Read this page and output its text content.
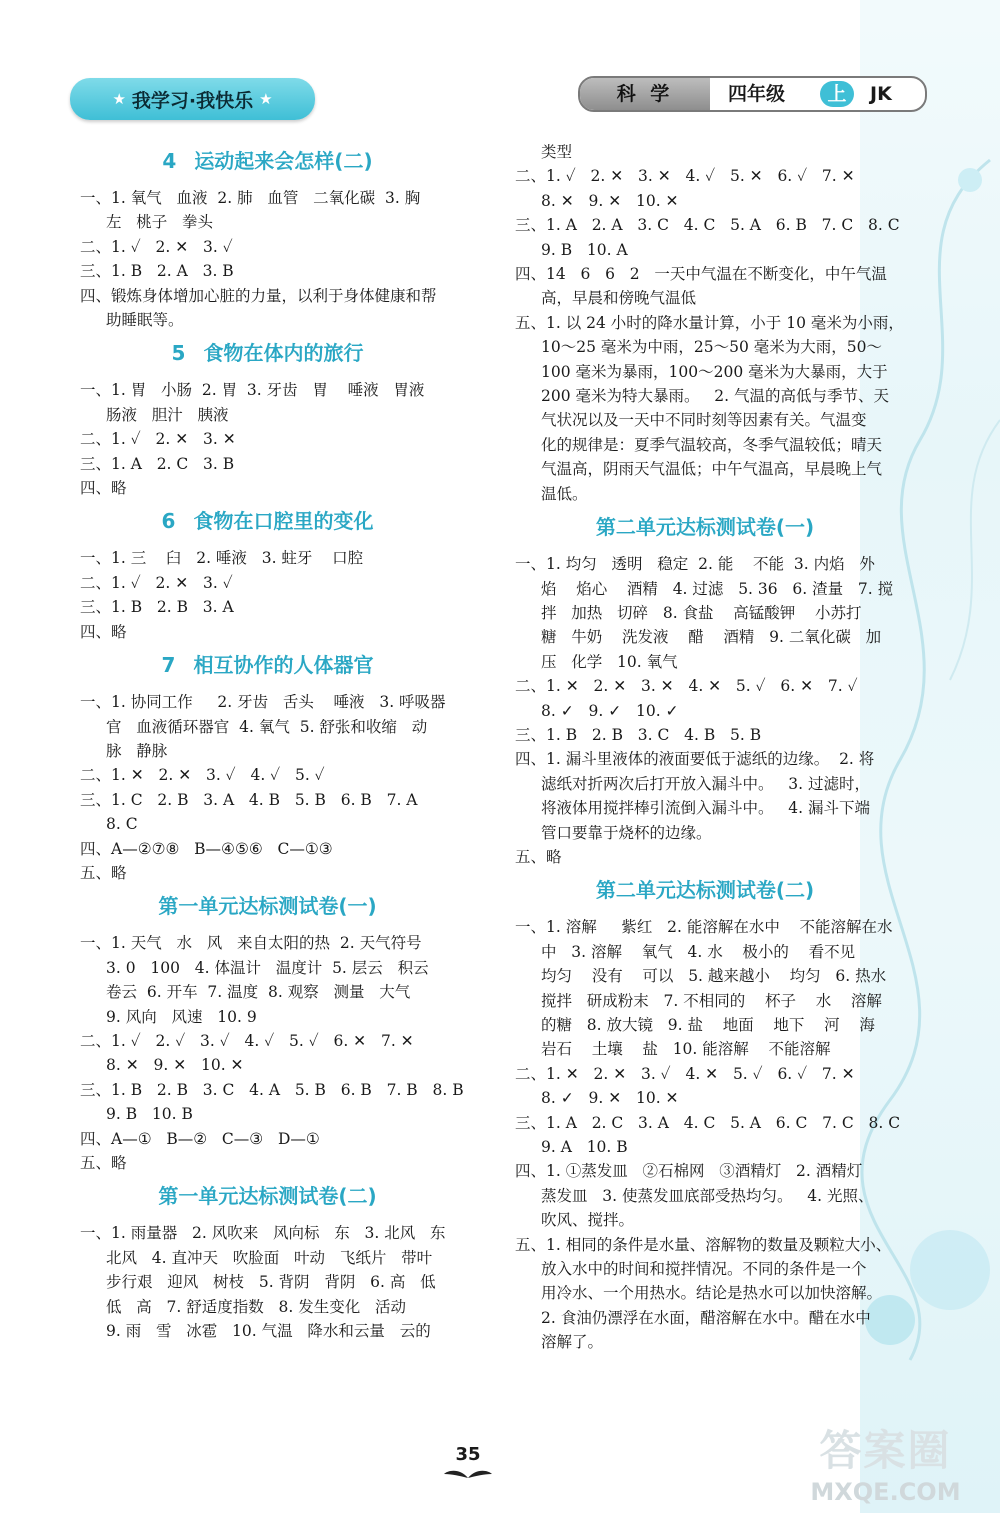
★ 我学习·我快乐 ★	科 学	四年级	上	JK
4 运动起来会怎样(二)
一、1. 氧气   血液  2. 肺   血管   二氧化碳  3. 胸
左   桃子   拳头
二、1. ✓   2. ✕   3. ✓
三、1. B   2. A   3. B
四、锻炼身体增加心脏的力量，以利于身体健康和帮
助睡眠等。
5 食物在体内的旅行
一、1. 胃   小肠  2. 胃  3. 牙齿   胃    唾液   胃液
肠液   胆汁   胰液
二、1. ✓   2. ✕   3. ✕
三、1. A   2. C   3. B
四、略
6 食物在口腔里的变化
一、1. 三    臼   2. 唾液   3. 蛀牙    口腔
二、1. ✓   2. ✕   3. ✓
三、1. B   2. B   3. A
四、略
7 相互协作的人体器官
一、1. 协同工作     2. 牙齿   舌头    唾液   3. 呼吸器
官   血液循环器官  4. 氧气  5. 舒张和收缩   动
脉   静脉
二、1. ✕   2. ✕   3. ✓   4. ✓   5. ✓
三、1. C   2. B   3. A   4. B   5. B   6. B   7. A
8. C
四、A—②⑦⑧   B—④⑤⑥   C—①③
五、略
第一单元达标测试卷(一)
一、1. 天气   水   风   来自太阳的热  2. 天气符号
3. 0   100   4. 体温计   温度计  5. 层云   积云
卷云  6. 开车  7. 温度  8. 观察   测量   大气
9. 风向   风速   10. 9
二、1. ✓   2. ✓   3. ✓   4. ✓   5. ✓   6. ✕   7. ✕
8. ✕   9. ✕   10. ✕
三、1. B   2. B   3. C   4. A   5. B   6. B   7. B   8. B
9. B   10. B
四、A—①   B—②   C—③   D—①
五、略
第一单元达标测试卷(二)
一、1. 雨量器   2. 风吹来   风向标   东   3. 北风   东
北风   4. 直冲天   吹脸面   叶动   飞纸片   带叶
步行艰   迎风   树枝   5. 背阴   背阴   6. 高   低
低   高   7. 舒适度指数   8. 发生变化   活动
9. 雨   雪   冰雹   10. 气温   降水和云量   云的
类型
二、1. ✓   2. ✕   3. ✕   4. ✓   5. ✕   6. ✓   7. ✕
8. ✕   9. ✕   10. ✕
三、1. A   2. A   3. C   4. C   5. A   6. B   7. C   8. C
9. B   10. A
四、14   6   6   2   一天中气温在不断变化，中午气温
高，早晨和傍晚气温低
五、1. 以 24 小时的降水量计算，小于 10 毫米为小雨，
10～25 毫米为中雨，25～50 毫米为大雨，50～
100 毫米为暴雨，100～200 毫米为大暴雨，大于
200 毫米为特大暴雨。   2. 气温的高低与季节、天
气状况以及一天中不同时刻等因素有关。气温变
化的规律是：夏季气温较高，冬季气温较低；晴天
气温高，阴雨天气温低；中午气温高，早晨晚上气
温低。
第二单元达标测试卷(一)
一、1. 均匀   透明   稳定  2. 能    不能  3. 内焰   外
焰    焰心    酒精   4. 过滤   5. 36   6. 渣量   7. 搅
拌   加热   切碎   8. 食盐    高锰酸钾    小苏打
糖   牛奶    洗发液    醋    酒精   9. 二氧化碳   加
压   化学   10. 氧气
二、1. ✕   2. ✕   3. ✕   4. ✕   5. ✓   6. ✕   7. ✓
8. ✓   9. ✓   10. ✓
三、1. B   2. B   3. C   4. B   5. B
四、1. 漏斗里液体的液面要低于滤纸的边缘。  2. 将
滤纸对折两次后打开放入漏斗中。   3. 过滤时，
将液体用搅拌棒引流倒入漏斗中。   4. 漏斗下端
管口要靠于烧杯的边缘。
五、略
第二单元达标测试卷(二)
一、1. 溶解     紫红   2. 能溶解在水中    不能溶解在水
中   3. 溶解    氧气   4. 水    极小的    看不见
均匀    没有    可以   5. 越来越小    均匀   6. 热水
搅拌   研成粉末   7. 不相同的    杯子    水    溶解
的糖   8. 放大镜   9. 盐    地面    地下    河    海
岩石    土壤    盐   10. 能溶解    不能溶解
二、1. ✕   2. ✕   3. ✓   4. ✕   5. ✓   6. ✓   7. ✕
8. ✓   9. ✕   10. ✕
三、1. A   2. C   3. A   4. C   5. A   6. C   7. C   8. C
9. A   10. B
四、1. ①蒸发皿   ②石棉网   ③酒精灯   2. 酒精灯
蒸发皿   3. 使蒸发皿底部受热均匀。   4. 光照、
吹风、搅拌。
五、1. 相同的条件是水量、溶解物的数量及颗粒大小、
放入水中的时间和搅拌情况。不同的条件是一个
用冷水、一个用热水。结论是热水可以加快溶解。
2. 食油仍漂浮在水面，醋溶解在水中。醋在水中
溶解了。
35	答案圈
MXQE.COM
